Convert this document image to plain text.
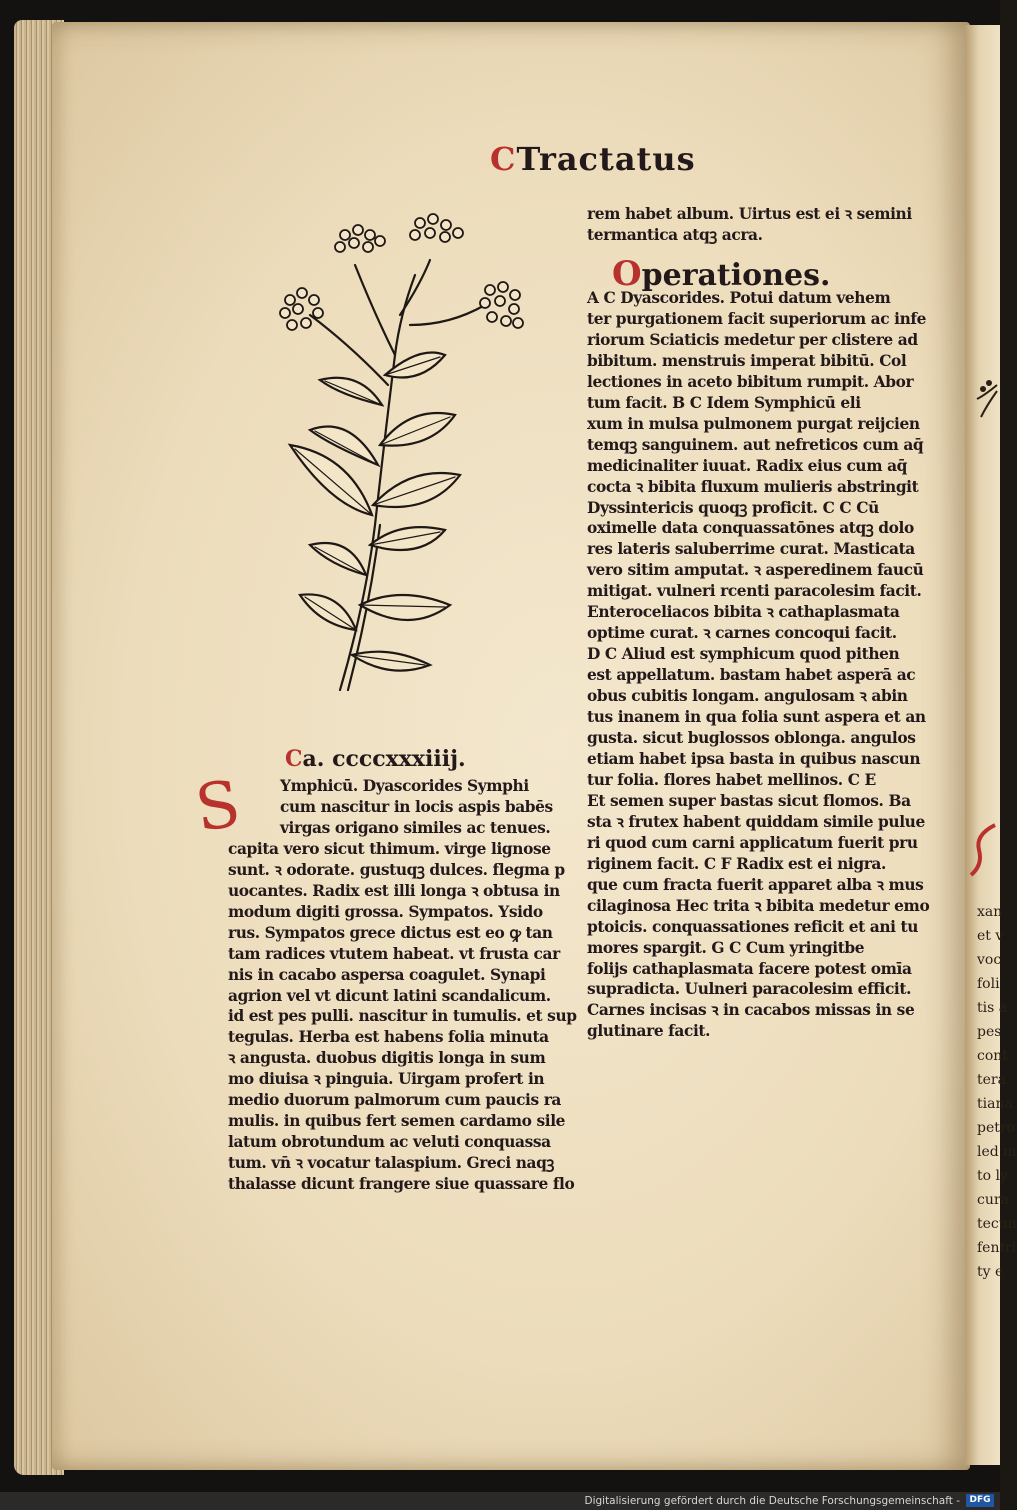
xan
et v
voc
foli
tis a
pes
cont
tera
tiana
petro
led m
to ly
cura
tecun
fentri
ty e
CTractatus
rem habet album. Uirtus est ei ꝛ semini
termantica atqꝫ acra.
Operationes.
A C Dyascorides. Potui datum vehem
ter purgationem facit superiorum ac infe
riorum Sciaticis medetur per clistere ad
bibitum. menstruis imperat bibitū. Col
lectiones in aceto bibitum rumpit. Abor
tum facit. B C Idem Symphicū eli
xum in mulsa pulmonem purgat reijcien
temqꝫ sanguinem. aut nefreticos cum aq̄
medicinaliter iuuat. Radix eius cum aq̄
cocta ꝛ bibita fluxum mulieris abstringit
Dyssintericis quoqꝫ proficit. C C Cū
oximelle data conquassatōnes atqꝫ dolo
res lateris saluberrime curat. Masticata
vero sitim amputat. ꝛ asperedinem faucū
mitigat. vulneri rcenti paracolesim facit.
Enteroceliacos bibita ꝛ cathaplasmata
optime curat. ꝛ carnes concoqui facit.
D C Aliud est symphicum quod pithen
est appellatum. bastam habet asperā ac
obus cubitis longam. angulosam ꝛ abin
tus inanem in qua folia sunt aspera et an
gusta. sicut buglossos oblonga. angulos
etiam habet ipsa basta in quibus nascun
tur folia. flores habet mellinos. C E
Et semen super bastas sicut flomos. Ba
sta ꝛ frutex habent quiddam simile pulue
ri quod cum carni applicatum fuerit pru
riginem facit. C F Radix est ei nigra.
que cum fracta fuerit apparet alba ꝛ mus
cilaginosa Hec trita ꝛ bibita medetur emo
ptoicis. conquassationes reficit et ani tu
mores spargit. G C Cum yringitbe
folijs cathaplasmata facere potest omīa
supradicta. Uulneri paracolesim efficit.
Carnes incisas ꝛ in cacabos missas in se
glutinare facit.
Ca. ccccxxxiiij.
S	Ymphicū. Dyascorides Symphi
cum nascitur in locis aspis babēs
virgas origano similes ac tenues.
capita vero sicut thimum. virge lignose
sunt. ꝛ odorate. gustuqꝫ dulces. flegma p
uocantes. Radix est illi longa ꝛ obtusa in
modum digiti grossa. Sympatos. Ysido
rus. Sympatos grece dictus est eo ꝙ tan
tam radices vtutem habeat. vt frusta car
nis in cacabo aspersa coagulet. Synapi
agrion vel vt dicunt latini scandalicum.
id est pes pulli. nascitur in tumulis. et sup
tegulas. Herba est habens folia minuta
ꝛ angusta. duobus digitis longa in sum
mo diuisa ꝛ pinguia. Uirgam profert in
medio duorum palmorum cum paucis ra
mulis. in quibus fert semen cardamo sile
latum obrotundum ac veluti conquassa
tum. vn̄ ꝛ vocatur talaspium. Greci naqꝫ
thalasse dicunt frangere siue quassare flo
Digitalisierung gefördert durch die Deutsche Forschungsgemeinschaft -	DFG
